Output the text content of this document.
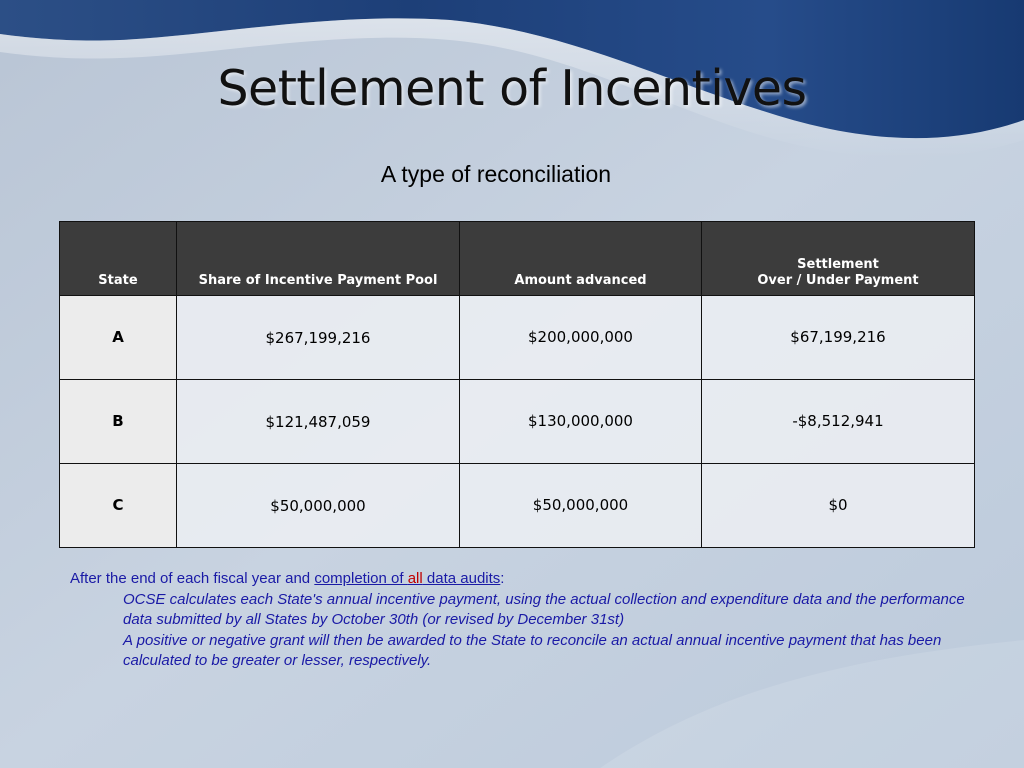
Settlement of Incentives
A type of reconciliation
State	Share of Incentive Payment Pool	Amount advanced	Settlement
Over / Under Payment
A	$267,199,216	$200,000,000	$67,199,216
B	$121,487,059	$130,000,000	-$8,512,941
C	$50,000,000	$50,000,000	$0
After the end of each fiscal year and completion of all data audits:
OCSE calculates each State's annual incentive payment, using the actual collection and expenditure data and the performance data submitted by all States by October 30th (or revised by December 31st)
A positive or negative grant will then be awarded to the State to reconcile an actual annual incentive payment that has been calculated to be greater or lesser, respectively.
